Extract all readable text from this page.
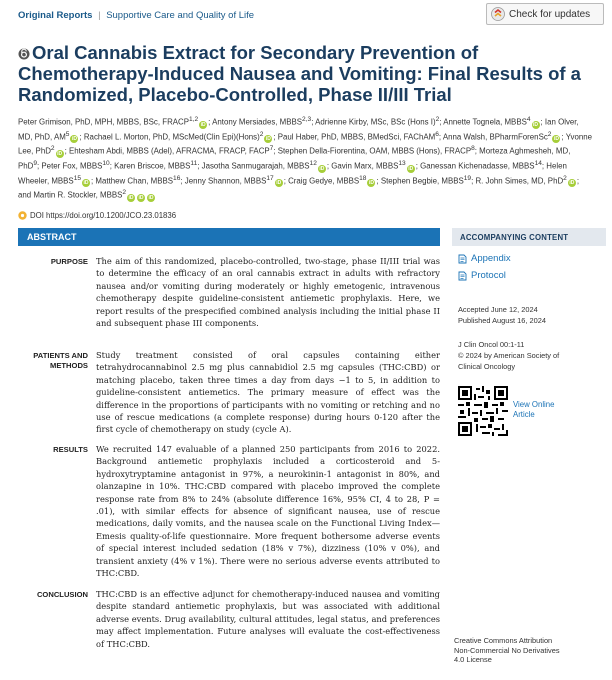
Original Reports | Supportive Care and Quality of Life	Check for updates
Oral Cannabis Extract for Secondary Prevention of Chemotherapy-Induced Nausea and Vomiting: Final Results of a Randomized, Placebo-Controlled, Phase II/III Trial
Peter Grimison, PhD, MPH, MBBS, BSc, FRACP$^{1,2}$iD ; Antony Mersiades, MBBS$^{2,3}$; Adrienne Kirby, MSc, BSc (Hons I)$^2$; Annette Tognela, MBBS$^4$iD ; Ian Olver, MD, PhD, $AM^5iD$ ; Rachael L. Morton, PhD, MScMed(Clin Epi)(Hons)$^2$iD ; Paul Haber, PhD, MBBS, BMedSci, FAChAM$^6$; Anna Walsh, BPharmForenSc$^2$iD ; Yvonne Lee, PhD$^2$iD ; Ehtesham Abdi, MBBS (Adel), AFRACMA, FRACP, FACP$^7$; Stephen Della-Fiorentina, OAM, MBBS (Hons), FRACP$^8$; Morteza Aghmesheh, MD, PhD$^9$; Peter Fox, MBBS$^{10}$; Karen Briscoe, MBBS$^{11}$; Jasotha Sanmugarajah, MBBS$^{12}$iD ; Gavin Marx, MBBS$^{13}$iD ; Ganessan Kichenadasse, MBBS$^{14}$; Helen Wheeler, MBBS$^{15}$iD ; Matthew Chan, MBBS$^{16}$; Jenny Shannon, MBBS$^{17}$iD ; Craig Gedye, MBBS$^{18}$iD ; Stephen Begbie, MBBS$^{19}$; R. John Simes, MD, PhD$^2$iD ; and Martin R. Stockler, MBBS$^2$iD iD iD
DOI https://doi.org/10.1200/JCO.23.01836
ABSTRACT
PURPOSE The aim of this randomized, placebo-controlled, two-stage, phase II/III trial was to determine the efficacy of an oral cannabis extract in adults with refractory nausea and/or vomiting during moderately or highly emetogenic, intravenous chemotherapy despite guideline-consistent antiemetic prophylaxis. Here, we report results of the prespecified combined analysis including the initial phase II and subsequent phase III components.

PATIENTS AND
METHODS

Study treatment consisted of oral capsules containing either tetrahydrocannabinol 2.5 mg plus cannabidiol 2.5 mg capsules (THC:CBD) or matching placebo, taken three times a day from days −1 to 5, in addition to guideline-consistent antiemetics. The primary measure of effect was the difference in the proportions of participants with no vomiting or retching and no use of rescue medications (a complete response) during hours 0-120 after the first cycle of chemotherapy on study (cycle A).

RESULTS We recruited 147 evaluable of a planned 250 participants from 2016 to 2022. Background antiemetic prophylaxis included a corticosteroid and 5-hydroxytryptamine antagonist in 97%, a neurokinin-1 antagonist in 80%, and olanzapine in 10%. THC:CBD compared with placebo improved the complete response rate from 8% to 24% (absolute difference 16%, 95% CI, 4 to 28, P = .01), with similar effects for absence of significant nausea, use of rescue medications, daily vomits, and the nausea scale on the Functional Living Index—Emesis quality-of-life questionnaire. More frequent bothersome adverse events of special interest included sedation (18% v 7%), dizziness (10% v 0%), and transient anxiety (4% v 1%). There were no serious adverse events attributed to THC:CBD.

CONCLUSION THC:CBD is an effective adjunct for chemotherapy-induced nausea and vomiting despite standard antiemetic prophylaxis, but was associated with additional adverse events. Drug availability, cultural attitudes, legal status, and preferences may affect implementation. Future analyses will evaluate the cost-effectiveness of THC:CBD.

ACCOMPANYING CONTENT
Appendix
Protocol
Accepted June 12, 2024
Published August 16, 2024
J Clin Oncol 00:1-11
© 2024 by American Society of
Clinical Oncology
View Online
Article
Creative Commons Attribution
Non-Commercial No Derivatives
4.0 License
